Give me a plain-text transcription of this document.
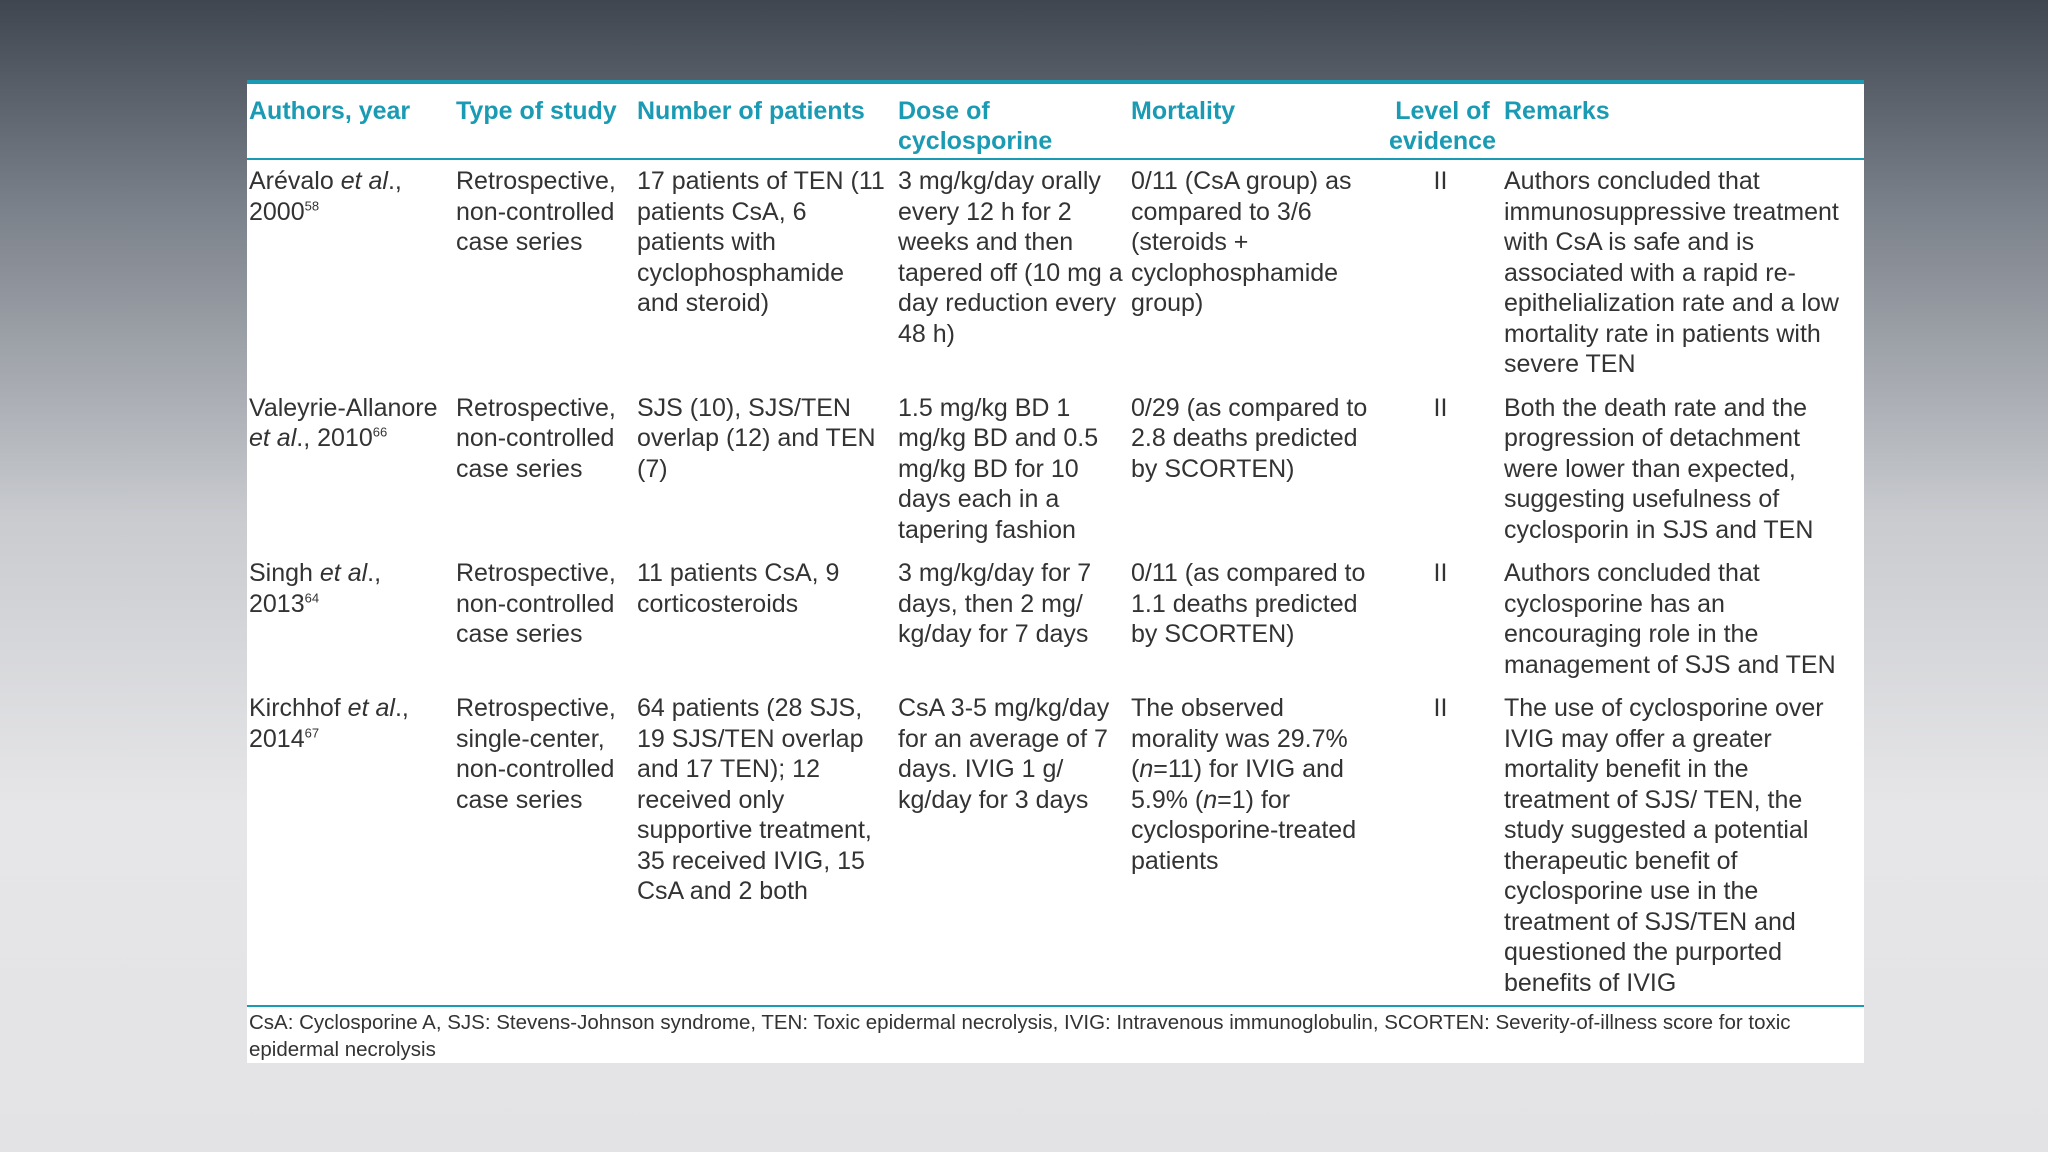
Authors, year	Type of study	Number of patients	Dose of cyclosporine	Mortality	Level of evidence	Remarks
Arévalo et al., 2000$^{58}$	Retrospective, non-controlled case series	17 patients of TEN (11 patients CsA, 6 patients with cyclophosphamide and steroid)	3 mg/kg/day orally every 12 h for 2 weeks and then tapered off (10 mg a day reduction every 48 h)	0/11 (CsA group) as compared to 3/6 (steroids + cyclophosphamide group)	II	Authors concluded that immunosuppressive treatment with CsA is safe and is associated with a rapid re-epithelialization rate and a low mortality rate in patients with severe TEN
Valeyrie-Allanore et al., 2010$^{66}$	Retrospective, non-controlled case series	SJS (10), SJS/TEN overlap (12) and TEN (7)	1.5 mg/kg BD 1 mg/kg BD and 0.5 mg/kg BD for 10 days each in a tapering fashion	0/29 (as compared to 2.8 deaths predicted by SCORTEN)	II	Both the death rate and the progression of detachment were lower than expected, suggesting usefulness of cyclosporin in SJS and TEN
Singh et al., 2013$^{64}$	Retrospective, non-controlled case series	11 patients CsA, 9 corticosteroids	3 mg/kg/day for 7 days, then 2 mg/ kg/day for 7 days	0/11 (as compared to 1.1 deaths predicted by SCORTEN)	II	Authors concluded that cyclosporine has an encouraging role in the management of SJS and TEN
Kirchhof et al., 2014$^{67}$	Retrospective, single-center, non-controlled case series	64 patients (28 SJS, 19 SJS/TEN overlap and 17 TEN); 12 received only supportive treatment, 35 received IVIG, 15 CsA and 2 both	CsA 3-5 mg/kg/day for an average of 7 days. IVIG 1 g/ kg/day for 3 days	The observed morality was 29.7% (n=11) for IVIG and 5.9% (n=1) for cyclosporine-treated patients	II	The use of cyclosporine over IVIG may offer a greater mortality benefit in the treatment of SJS/ TEN, the study suggested a potential therapeutic benefit of cyclosporine use in the treatment of SJS/TEN and questioned the purported benefits of IVIG
CsA: Cyclosporine A, SJS: Stevens-Johnson syndrome, TEN: Toxic epidermal necrolysis, IVIG: Intravenous immunoglobulin, SCORTEN: Severity-of-illness score for toxic epidermal necrolysis
